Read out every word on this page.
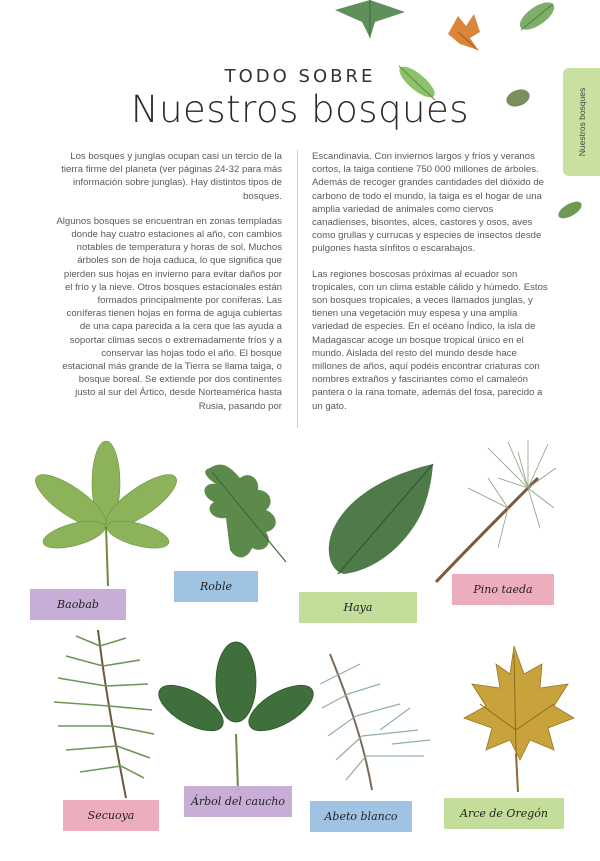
Nuestros bosques
TODO SOBRE
Nuestros bosques

Los bosques y junglas ocupan casi un tercio de la tierra firme del planeta (ver páginas 24-32 para más información sobre junglas). Hay distintos tipos de bosques.

Algunos bosques se encuentran en zonas templadas donde hay cuatro estaciones al año, con cambios notables de temperatura y horas de sol. Muchos árboles son de hoja caduca, lo que significa que pierden sus hojas en invierno para evitar daños por el frío y la nieve. Otros bosques estacionales están formados principalmente por coníferas. Las coníferas tienen hojas en forma de aguja cubiertas de una capa parecida a la cera que las ayuda a soportar climas secos o extremadamente fríos y a conservar las hojas todo el año. El bosque estacional más grande de la Tierra se llama taiga, o bosque boreal. Se extiende por dos continentes justo al sur del Ártico, desde Norteamérica hasta Rusia, pasando por

Escandinavia. Con inviernos largos y fríos y veranos cortos, la taiga contiene 750 000 millones de árboles. Además de recoger grandes cantidades del dióxido de carbono de todo el mundo, la taiga es el hogar de una amplia variedad de animales como ciervos canadienses, bisontes, alces, castores y osos, aves como grullas y currucas y especies de insectos desde pulgones hasta sínfitos o escarabajos.

Las regiones boscosas próximas al ecuador son tropicales, con un clima estable cálido y húmedo. Estos son bosques tropicales, a veces llamados junglas, y tienen una vegetación muy espesa y una amplia variedad de especies. En el océano Índico, la isla de Madagascar acoge un bosque tropical único en el mundo. Aislada del resto del mundo desde hace millones de años, aquí podéis encontrar criaturas con nombres extraños y fascinantes como el camaleón pantera o la rana tomate, además del fosa, parecido a un gato.

Baobab
Roble
Haya
Pino taeda
Secuoya
Árbol del caucho
Abeto blanco	Arce de Oregón
